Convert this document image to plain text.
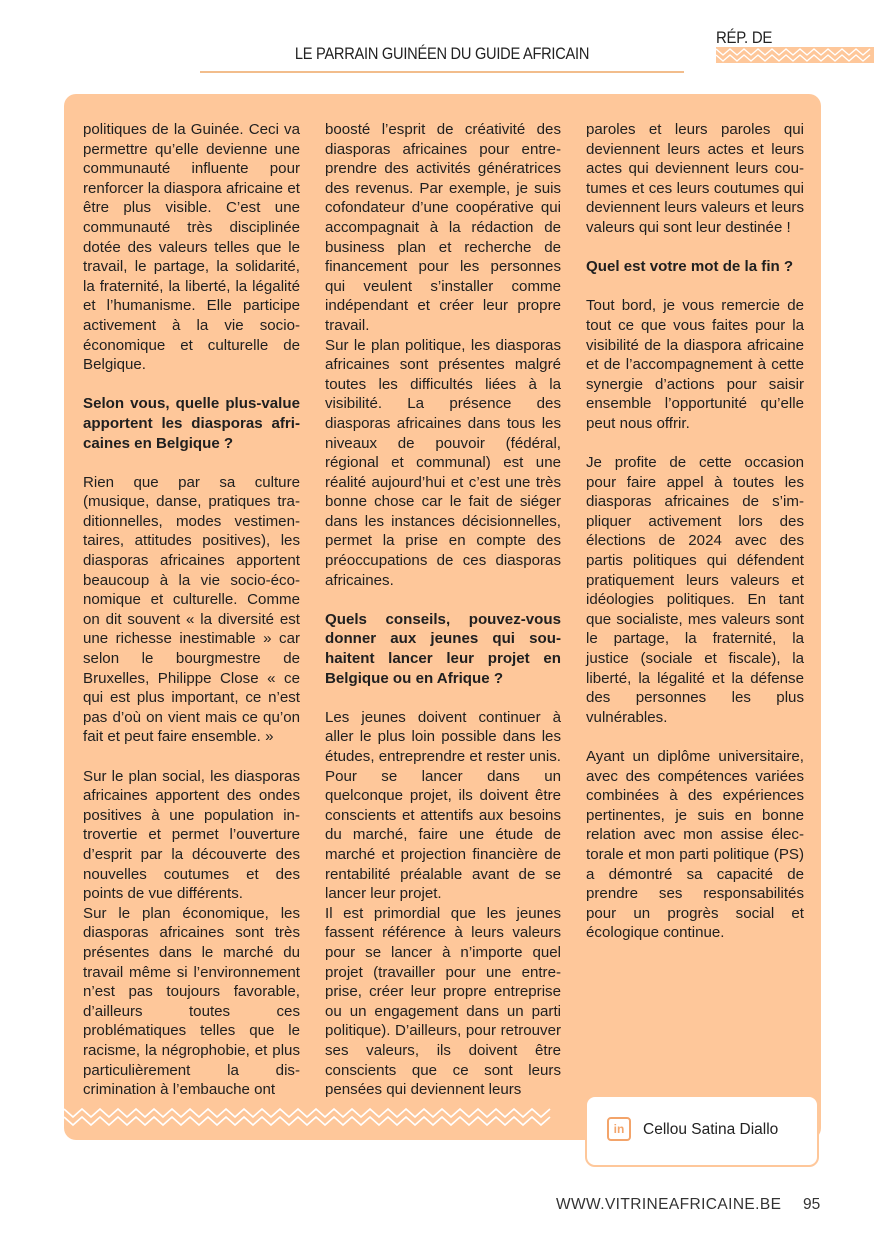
LE PARRAIN GUINÉEN DU GUIDE AFRICAIN
RÉP. DE

politiques de la Guinée. Ceci va permettre qu’elle devienne une communauté influente pour renforcer la diaspora africaine et être plus visible. C’est une communauté très disciplinée dotée des valeurs telles que le travail, le partage, la solidarité, la fraternité, la liberté, la légalité et l’humanisme. Elle participe activement à la vie socio-économique et culturelle de Belgique.

Selon vous, quelle plus-value apportent les diasporas africaines en Belgique ?

Rien que par sa culture (musique, danse, pratiques traditionnelles, modes vestimentaires, attitudes positives), les diasporas africaines apportent beaucoup à la vie socio-économique et culturelle. Comme on dit souvent « la diversité est une richesse inestimable » car selon le bourgmestre de Bruxelles, Philippe Close « ce qui est plus important, ce n’est pas d’où on vient mais ce qu’on fait et peut faire ensemble. »

Sur le plan social, les diasporas africaines apportent des ondes positives à une population introvertie et permet l’ouverture d’esprit par la découverte des nouvelles coutumes et des points de vue différents.

Sur le plan économique, les diasporas africaines sont très présentes dans le marché du travail même si l’environnement n’est pas toujours favorable, d’ailleurs toutes ces problématiques telles que le racisme, la négrophobie, et plus particulièrement la discrimination à l’embauche ont

boosté l’esprit de créativité des diasporas africaines pour entreprendre des activités génératrices des revenus. Par exemple, je suis cofondateur d’une coopérative qui accompagnait à la rédaction de business plan et recherche de financement pour les personnes qui veulent s’installer comme indépendant et créer leur propre travail.

Sur le plan politique, les diasporas africaines sont présentes malgré toutes les difficultés liées à la visibilité. La présence des diasporas africaines dans tous les niveaux de pouvoir (fédéral, régional et communal) est une réalité aujourd’hui et c’est une très bonne chose car le fait de siéger dans les instances décisionnelles, permet la prise en compte des préoccupations de ces diasporas africaines.

Quels conseils, pouvez-vous donner aux jeunes qui souhaitent lancer leur projet en Belgique ou en Afrique ?

Les jeunes doivent continuer à aller le plus loin possible dans les études, entreprendre et rester unis. Pour se lancer dans un quelconque projet, ils doivent être conscients et attentifs aux besoins du marché, faire une étude de marché et projection financière de rentabilité préalable avant de se lancer leur projet.

Il est primordial que les jeunes fassent référence à leurs valeurs pour se lancer à n’importe quel projet (travailler pour une entreprise, créer leur propre entreprise ou un engagement dans un parti politique). D’ailleurs, pour retrouver ses valeurs, ils doivent être conscients que ce sont leurs pensées qui deviennent leurs

paroles et leurs paroles qui deviennent leurs actes et leurs actes qui deviennent leurs coutumes et ces leurs coutumes qui deviennent leurs valeurs et leurs valeurs qui sont leur destinée !

Quel est votre mot de la fin ?

Tout bord, je vous remercie de tout ce que vous faites pour la visibilité de la diaspora africaine et de l’accompagnement à cette synergie d’actions pour saisir ensemble l’opportunité qu’elle peut nous offrir.

Je profite de cette occasion pour faire appel à toutes les diasporas africaines de s’impliquer activement lors des élections de 2024 avec des partis politiques qui défendent pratiquement leurs valeurs et idéologies politiques. En tant que socialiste, mes valeurs sont le partage, la fraternité, la justice (sociale et fiscale), la liberté, la légalité et la défense des personnes les plus vulnérables.

Ayant un diplôme universitaire, avec des compétences variées combinées à des expériences pertinentes, je suis en bonne relation avec mon assise électorale et mon parti politique (PS) a démontré sa capacité de prendre ses responsabilités pour un progrès social et écologique continue.

in	Cellou Satina Diallo
WWW.VITRINEAFRICAINE.BE 95
